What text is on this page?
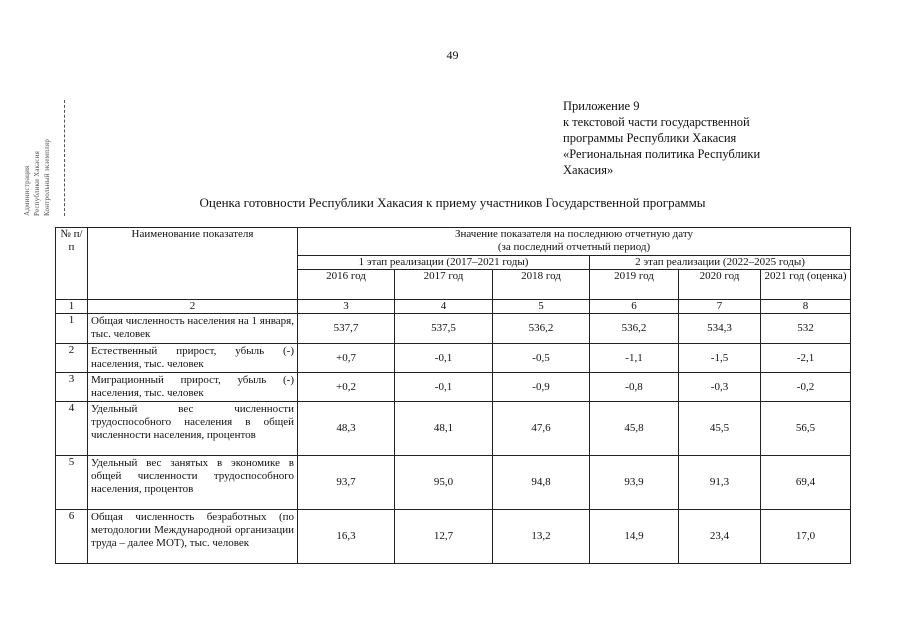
49
Администрация Республики Хакасия Контрольный экземпляр
Приложение 9
к текстовой части государственной
программы Республики Хакасия
«Региональная политика Республики
Хакасия»
Оценка готовности Республики Хакасия к приему участников Государственной программы
№ п/п	Наименование показателя	Значение показателя на последнюю отчетную дату
(за последний отчетный период)					

		1 этап реализации (2017–2021 годы)			2 этап реализации (2022–2025 годы)		
		2016 год	2017 год	2018 год	2019 год	2020 год	2021 год (оценка)
1	2	3	4	5	6	7	8
1	Общая численность населения на 1 января, тыс. человек	537,7	537,5	536,2	536,2	534,3	532
2	Естественный прирост, убыль (-) населения, тыс. человек	+0,7	-0,1	-0,5	-1,1	-1,5	-2,1
3	Миграционный прирост, убыль (-) населения, тыс. человек	+0,2	-0,1	-0,9	-0,8	-0,3	-0,2
4	Удельный вес численности трудоспособного населения в общей численности населения, процентов	48,3	48,1	47,6	45,8	45,5	56,5
5	Удельный вес занятых в экономике в общей численности трудоспособного населения, процентов	93,7	95,0	94,8	93,9	91,3	69,4
6	Общая численность безработных (по методологии Международной организации труда – далее МОТ), тыс. человек	16,3	12,7	13,2	14,9	23,4	17,0
